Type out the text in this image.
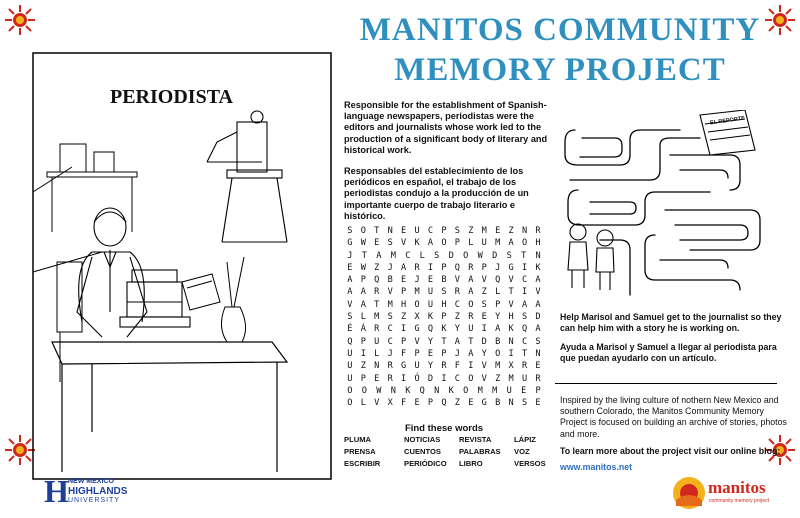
MANITOS COMMUNITY
MEMORY PROJECT
PERIODISTA	Responsible for the establishment of Spanish-language newspapers, periodistas were the editors and journalists whose work led to the production of a significant body of literary and historical work.
Responsables del establecimiento de los periódicos en español, el trabajo de los periodistas condujo a la producción de un importante cuerpo de trabajo literario e histórico.
S O T N E U C P S Z M E Z N R
G W E S V K A O P L U M A O H
J	T	A	M	C	L	S	D	O	W	D	S	T	N
E W Z J A R I P Q R P J G I K
A P Q B E J E B V A V Q V C A
A A R V P M U S R A Z L T I V
V A T M H O U H C O S P V A A
S L M S Z X K P Z R E Y H S D
É Á R C I G Q K Y U I A K Q A
Q P U C P V Y T A T D B N C S
U I L J F P E P J A Y O I T N
U Z N R G U Y R F I V M X R E
U P E R I Ó D I C O V Z M U R
O	O	W	N	K	Q	N	K	O	M	M	U	E	P
O L V X F E P Q Z E G B N S E
Find these words
PLUMA	NOTICIAS	REVISTA	LÁPIZ
PRENSA	CUENTOS	PALABRAS	VOZ
ESCRIBIR	PERIÓDICO	LIBRO	VERSOS
EL REPORTE
Help Marisol and Samuel get to the journalist so they can help him with a story he is working on.
Ayuda a Marisol y Samuel a llegar al periodista para que puedan ayudarlo con un artículo.
Inspired by the living culture of nothern New Mexico and southern Colorado, the Manitos Community Memory Project is focused on building an archive of stories, photos and more.
To learn more about the project visit our online blog:
www.manitos.net
H NEW MEXICO
HIGHLANDS
UNIVERSITY
manitos
community memory project
